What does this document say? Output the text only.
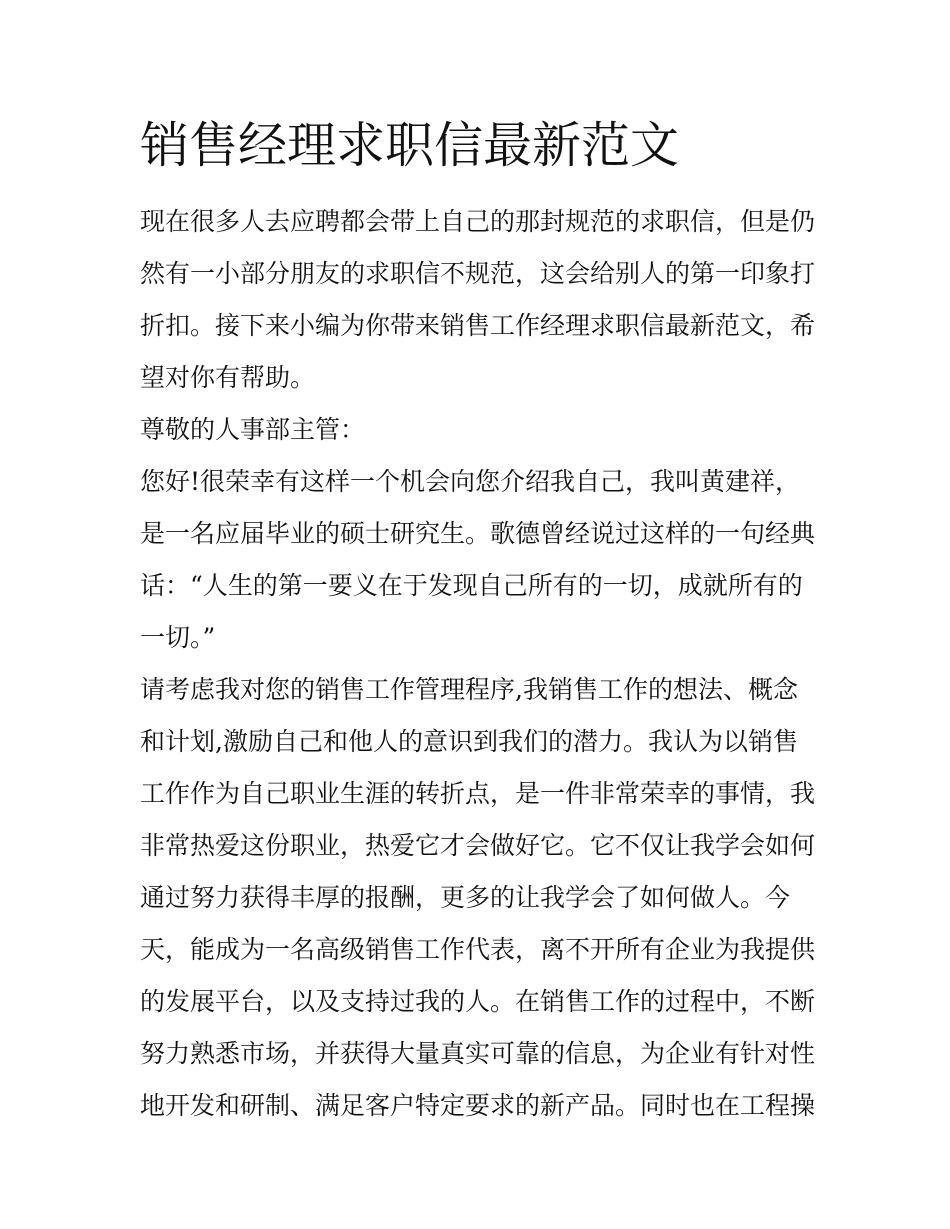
销售经理求职信最新范文
现在很多人去应聘都会带上自己的那封规范的求职信，但是仍
然有一小部分朋友的求职信不规范，这会给别人的第一印象打
折扣。接下来小编为你带来销售工作经理求职信最新范文，希
望对你有帮助。
尊敬的人事部主管：
您好!很荣幸有这样一个机会向您介绍我自己，我叫黄建祥，
是一名应届毕业的硕士研究生。歌德曾经说过这样的一句经典
话：“人生的第一要义在于发现自己所有的一切，成就所有的
一切。”
请考虑我对您的销售工作管理程序,我销售工作的想法、概念
和计划,激励自己和他人的意识到我们的潜力。我认为以销售
工作作为自己职业生涯的转折点，是一件非常荣幸的事情，我
非常热爱这份职业，热爱它才会做好它。它不仅让我学会如何
通过努力获得丰厚的报酬，更多的让我学会了如何做人。今
天，能成为一名高级销售工作代表，离不开所有企业为我提供
的发展平台，以及支持过我的人。在销售工作的过程中，不断
努力熟悉市场，并获得大量真实可靠的信息，为企业有针对性
地开发和研制、满足客户特定要求的新产品。同时也在工程操
